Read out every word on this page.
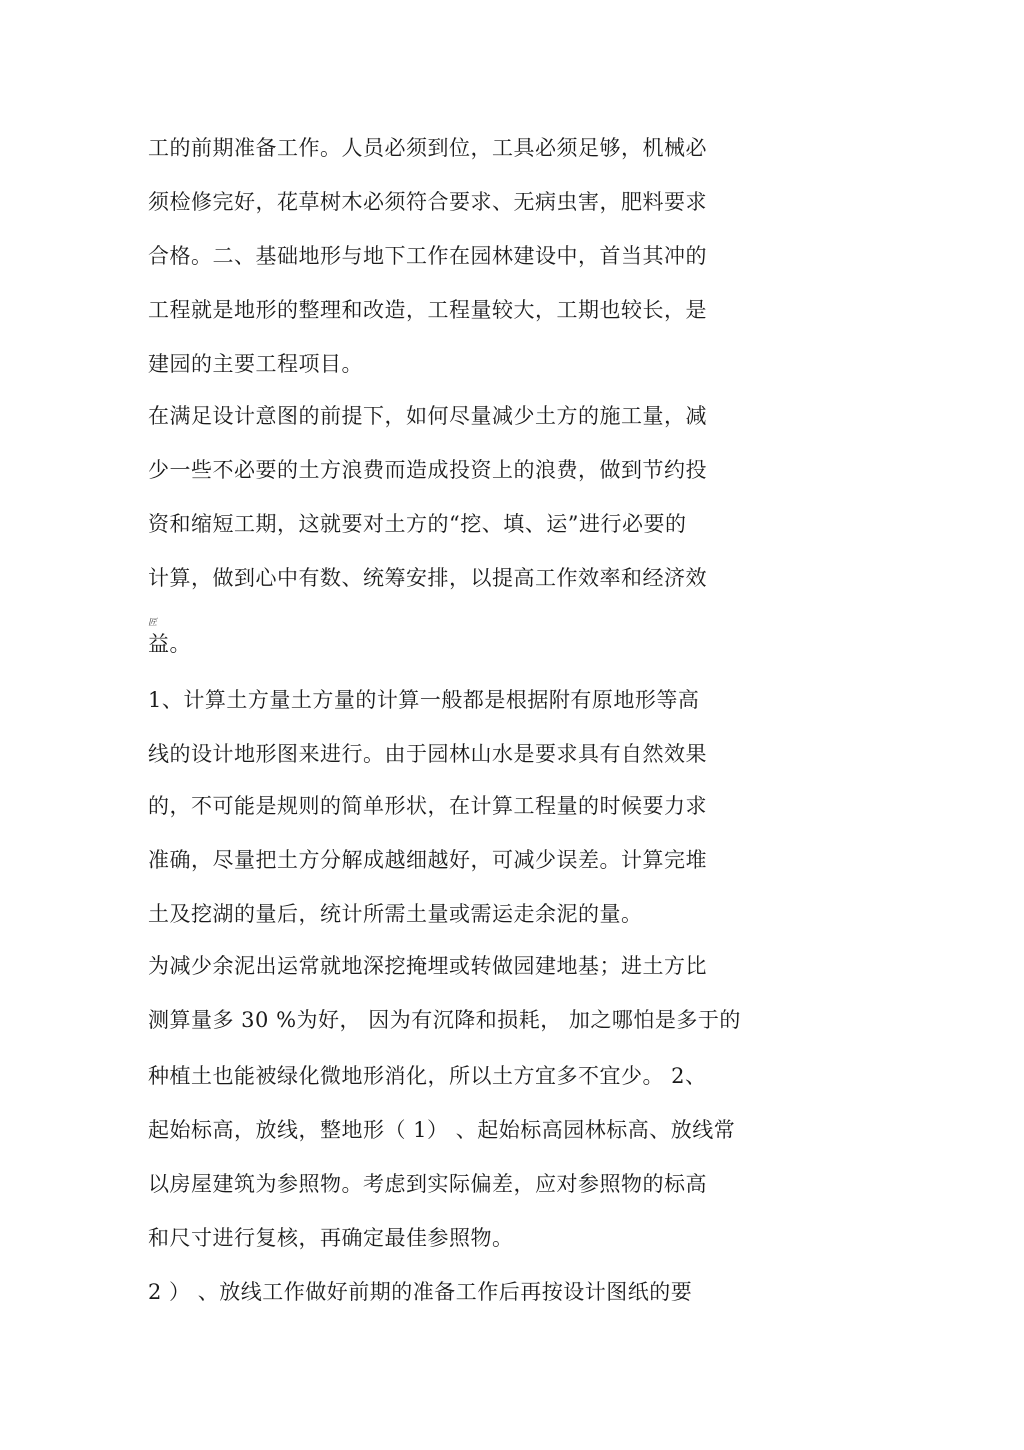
工的前期准备工作。人员必须到位，工具必须足够，机械必
须检修完好，花草树木必须符合要求、无病虫害，肥料要求
合格。二、基础地形与地下工作在园林建设中，首当其冲的
工程就是地形的整理和改造，工程量较大，工期也较长，是
建园的主要工程项目。
在满足设计意图的前提下，如何尽量减少土方的施工量，减
少一些不必要的土方浪费而造成投资上的浪费，做到节约投
资和缩短工期，这就要对土方的“挖、填、运”进行必要的
计算，做到心中有数、统筹安排，以提高工作效率和经济效
匠
益。
1、计算土方量土方量的计算一般都是根据附有原地形等高
线的设计地形图来进行。由于园林山水是要求具有自然效果
的，不可能是规则的简单形状，在计算工程量的时候要力求
准确，尽量把土方分解成越细越好，可减少误差。计算完堆
土及挖湖的量后，统计所需土量或需运走余泥的量。
为减少余泥出运常就地深挖掩埋或转做园建地基；进土方比
测算量多 30 %为好， 因为有沉降和损耗， 加之哪怕是多于的
种植土也能被绿化微地形消化，所以土方宜多不宜少。 2、
起始标高，放线，整地形（ 1） 、起始标高园林标高、放线常
以房屋建筑为参照物。考虑到实际偏差，应对参照物的标高
和尺寸进行复核，再确定最佳参照物。
2 ） 、放线工作做好前期的准备工作后再按设计图纸的要
